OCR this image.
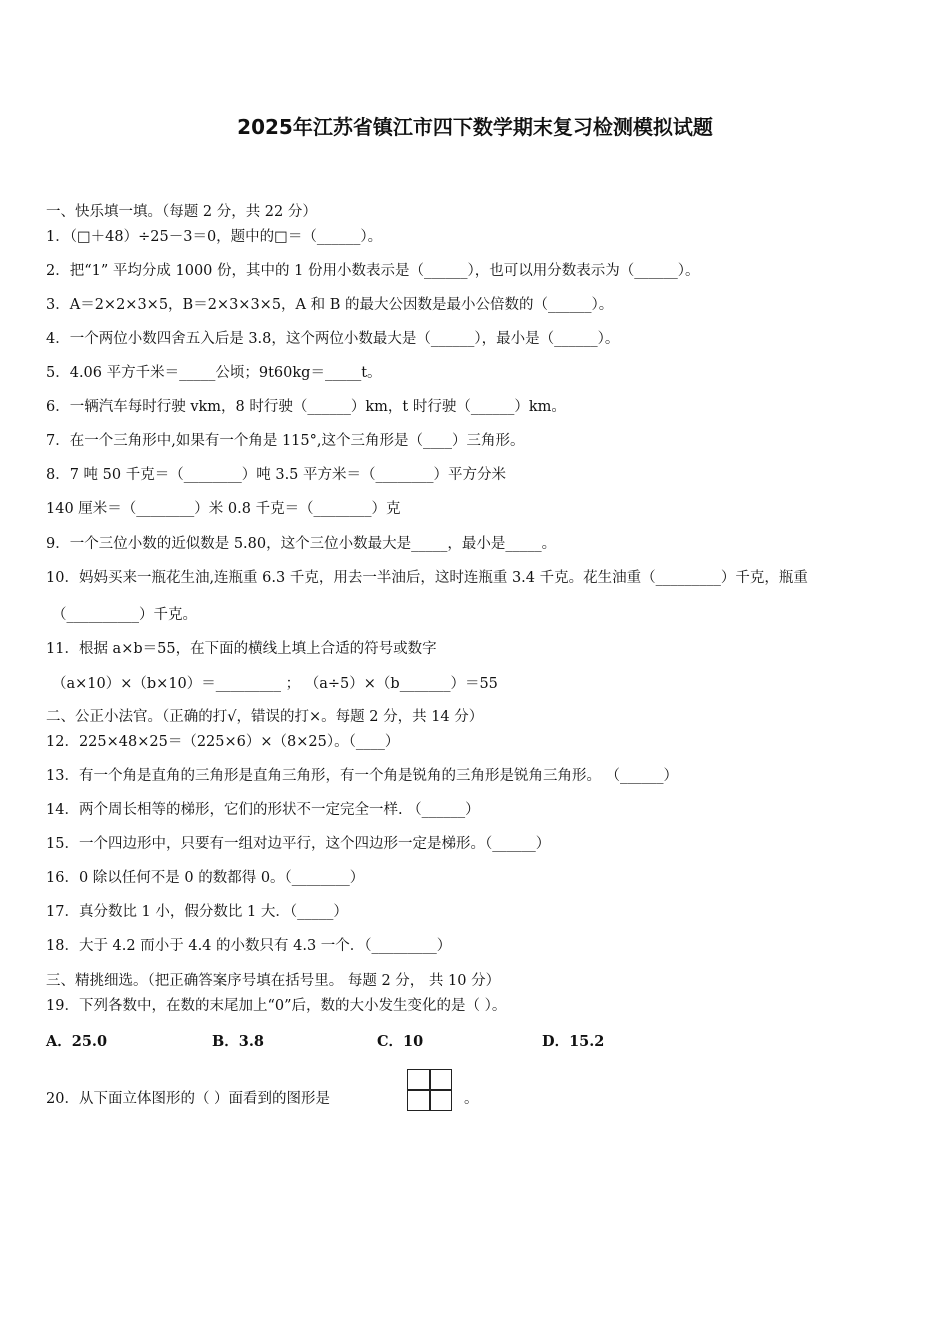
2025年江苏省镇江市四下数学期末复习检测模拟试题
一、快乐填一填。（每题 2 分，共 22 分）
1．（□＋48）÷25－3＝0，题中的□＝（______）。
2．把“1” 平均分成 1000 份，其中的 1 份用小数表示是（______），也可以用分数表示为（______）。
3．A＝2×2×3×5，B＝2×3×3×5，A 和 B 的最大公因数是最小公倍数的（______）。
4．一个两位小数四舍五入后是 3.8，这个两位小数最大是（______），最小是（______）。
5．4.06 平方千米＝_____公顷；9t60kg＝_____t。
6．一辆汽车每时行驶 vkm，8 时行驶（______）km，t 时行驶（______）km。
7．在一个三角形中,如果有一个角是 115°,这个三角形是（____）三角形。
8．7 吨 50 千克＝（________）吨 3.5 平方米＝（________）平方分米
140 厘米＝（________）米 0.8 千克＝（________）克
9．一个三位小数的近似数是 5.80，这个三位小数最大是_____，最小是_____。
10．妈妈买来一瓶花生油,连瓶重 6.3 千克，用去一半油后，这时连瓶重 3.4 千克。花生油重（_________）千克，瓶重
（__________）千克。
11．根据 a×b＝55，在下面的横线上填上合适的符号或数字
（a×10）×（b×10）＝_________ ； （a÷5）×（b_______）＝55
二、公正小法官。（正确的打√，错误的打×。每题 2 分，共 14 分）
12．225×48×25＝（225×6）×（8×25）。（____）
13．有一个角是直角的三角形是直角三角形，有一个角是锐角的三角形是锐角三角形。 （______）
14．两个周长相等的梯形，它们的形状不一定完全一样. （______）
15．一个四边形中，只要有一组对边平行，这个四边形一定是梯形。（______）
16．0 除以任何不是 0 的数都得 0。（________）
17．真分数比 1 小，假分数比 1 大．（_____）
18．大于 4.2 而小于 4.4 的小数只有 4.3 一个．（_________）
三、精挑细选。（把正确答案序号填在括号里。 每题 2 分， 共 10 分）
19．下列各数中，在数的末尾加上“0”后，数的大小发生变化的是（ ）。
A．25.0	B．3.8	C．10	D．15.2
20．从下面立体图形的（ ）面看到的图形是	。
